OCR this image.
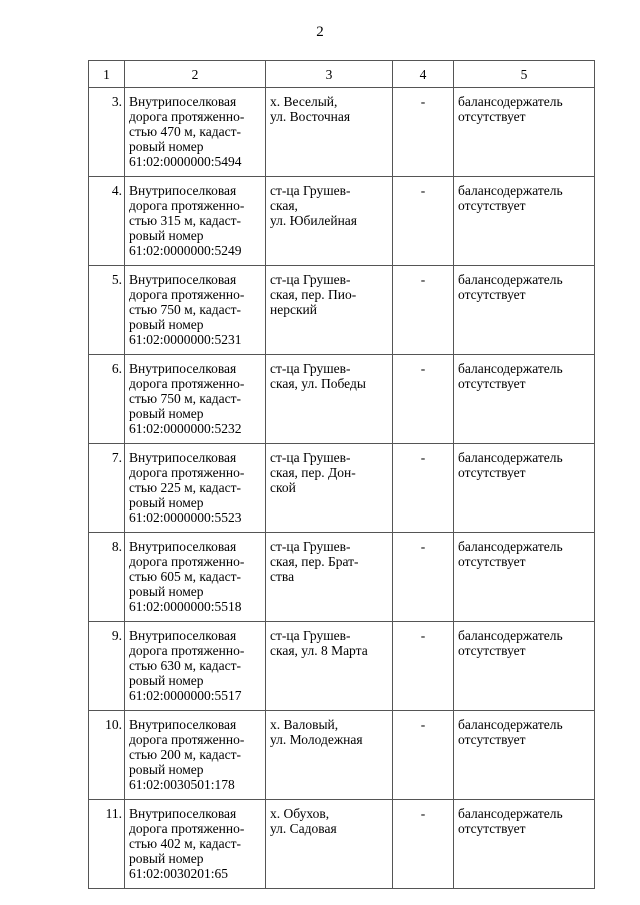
2
1	2	3	4	5
3.	Внутрипоселковая
дорога протяженно-
стью 470 м, кадаст-
ровый номер
61:02:0000000:5494	х. Веселый,
ул. Восточная	-	балансодержатель
отсутствует
4.	Внутрипоселковая
дорога протяженно-
стью 315 м, кадаст-
ровый номер
61:02:0000000:5249	ст-ца Грушев-
ская,
ул. Юбилейная	-	балансодержатель
отсутствует
5.	Внутрипоселковая
дорога протяженно-
стью 750 м, кадаст-
ровый номер
61:02:0000000:5231	ст-ца Грушев-
ская, пер. Пио-
нерский	-	балансодержатель
отсутствует
6.	Внутрипоселковая
дорога протяженно-
стью 750 м, кадаст-
ровый номер
61:02:0000000:5232	ст-ца Грушев-
ская, ул. Победы	-	балансодержатель
отсутствует
7.	Внутрипоселковая
дорога протяженно-
стью 225 м, кадаст-
ровый номер
61:02:0000000:5523	ст-ца Грушев-
ская, пер. Дон-
ской	-	балансодержатель
отсутствует
8.	Внутрипоселковая
дорога протяженно-
стью 605 м, кадаст-
ровый номер
61:02:0000000:5518	ст-ца Грушев-
ская, пер. Брат-
ства	-	балансодержатель
отсутствует
9.	Внутрипоселковая
дорога протяженно-
стью 630 м, кадаст-
ровый номер
61:02:0000000:5517	ст-ца Грушев-
ская, ул. 8 Марта	-	балансодержатель
отсутствует
10.	Внутрипоселковая
дорога протяженно-
стью 200 м, кадаст-
ровый номер
61:02:0030501:178	х. Валовый,
ул. Молодежная	-	балансодержатель
отсутствует
11.	Внутрипоселковая
дорога протяженно-
стью 402 м, кадаст-
ровый номер
61:02:0030201:65	х. Обухов,
ул. Садовая	-	балансодержатель
отсутствует
